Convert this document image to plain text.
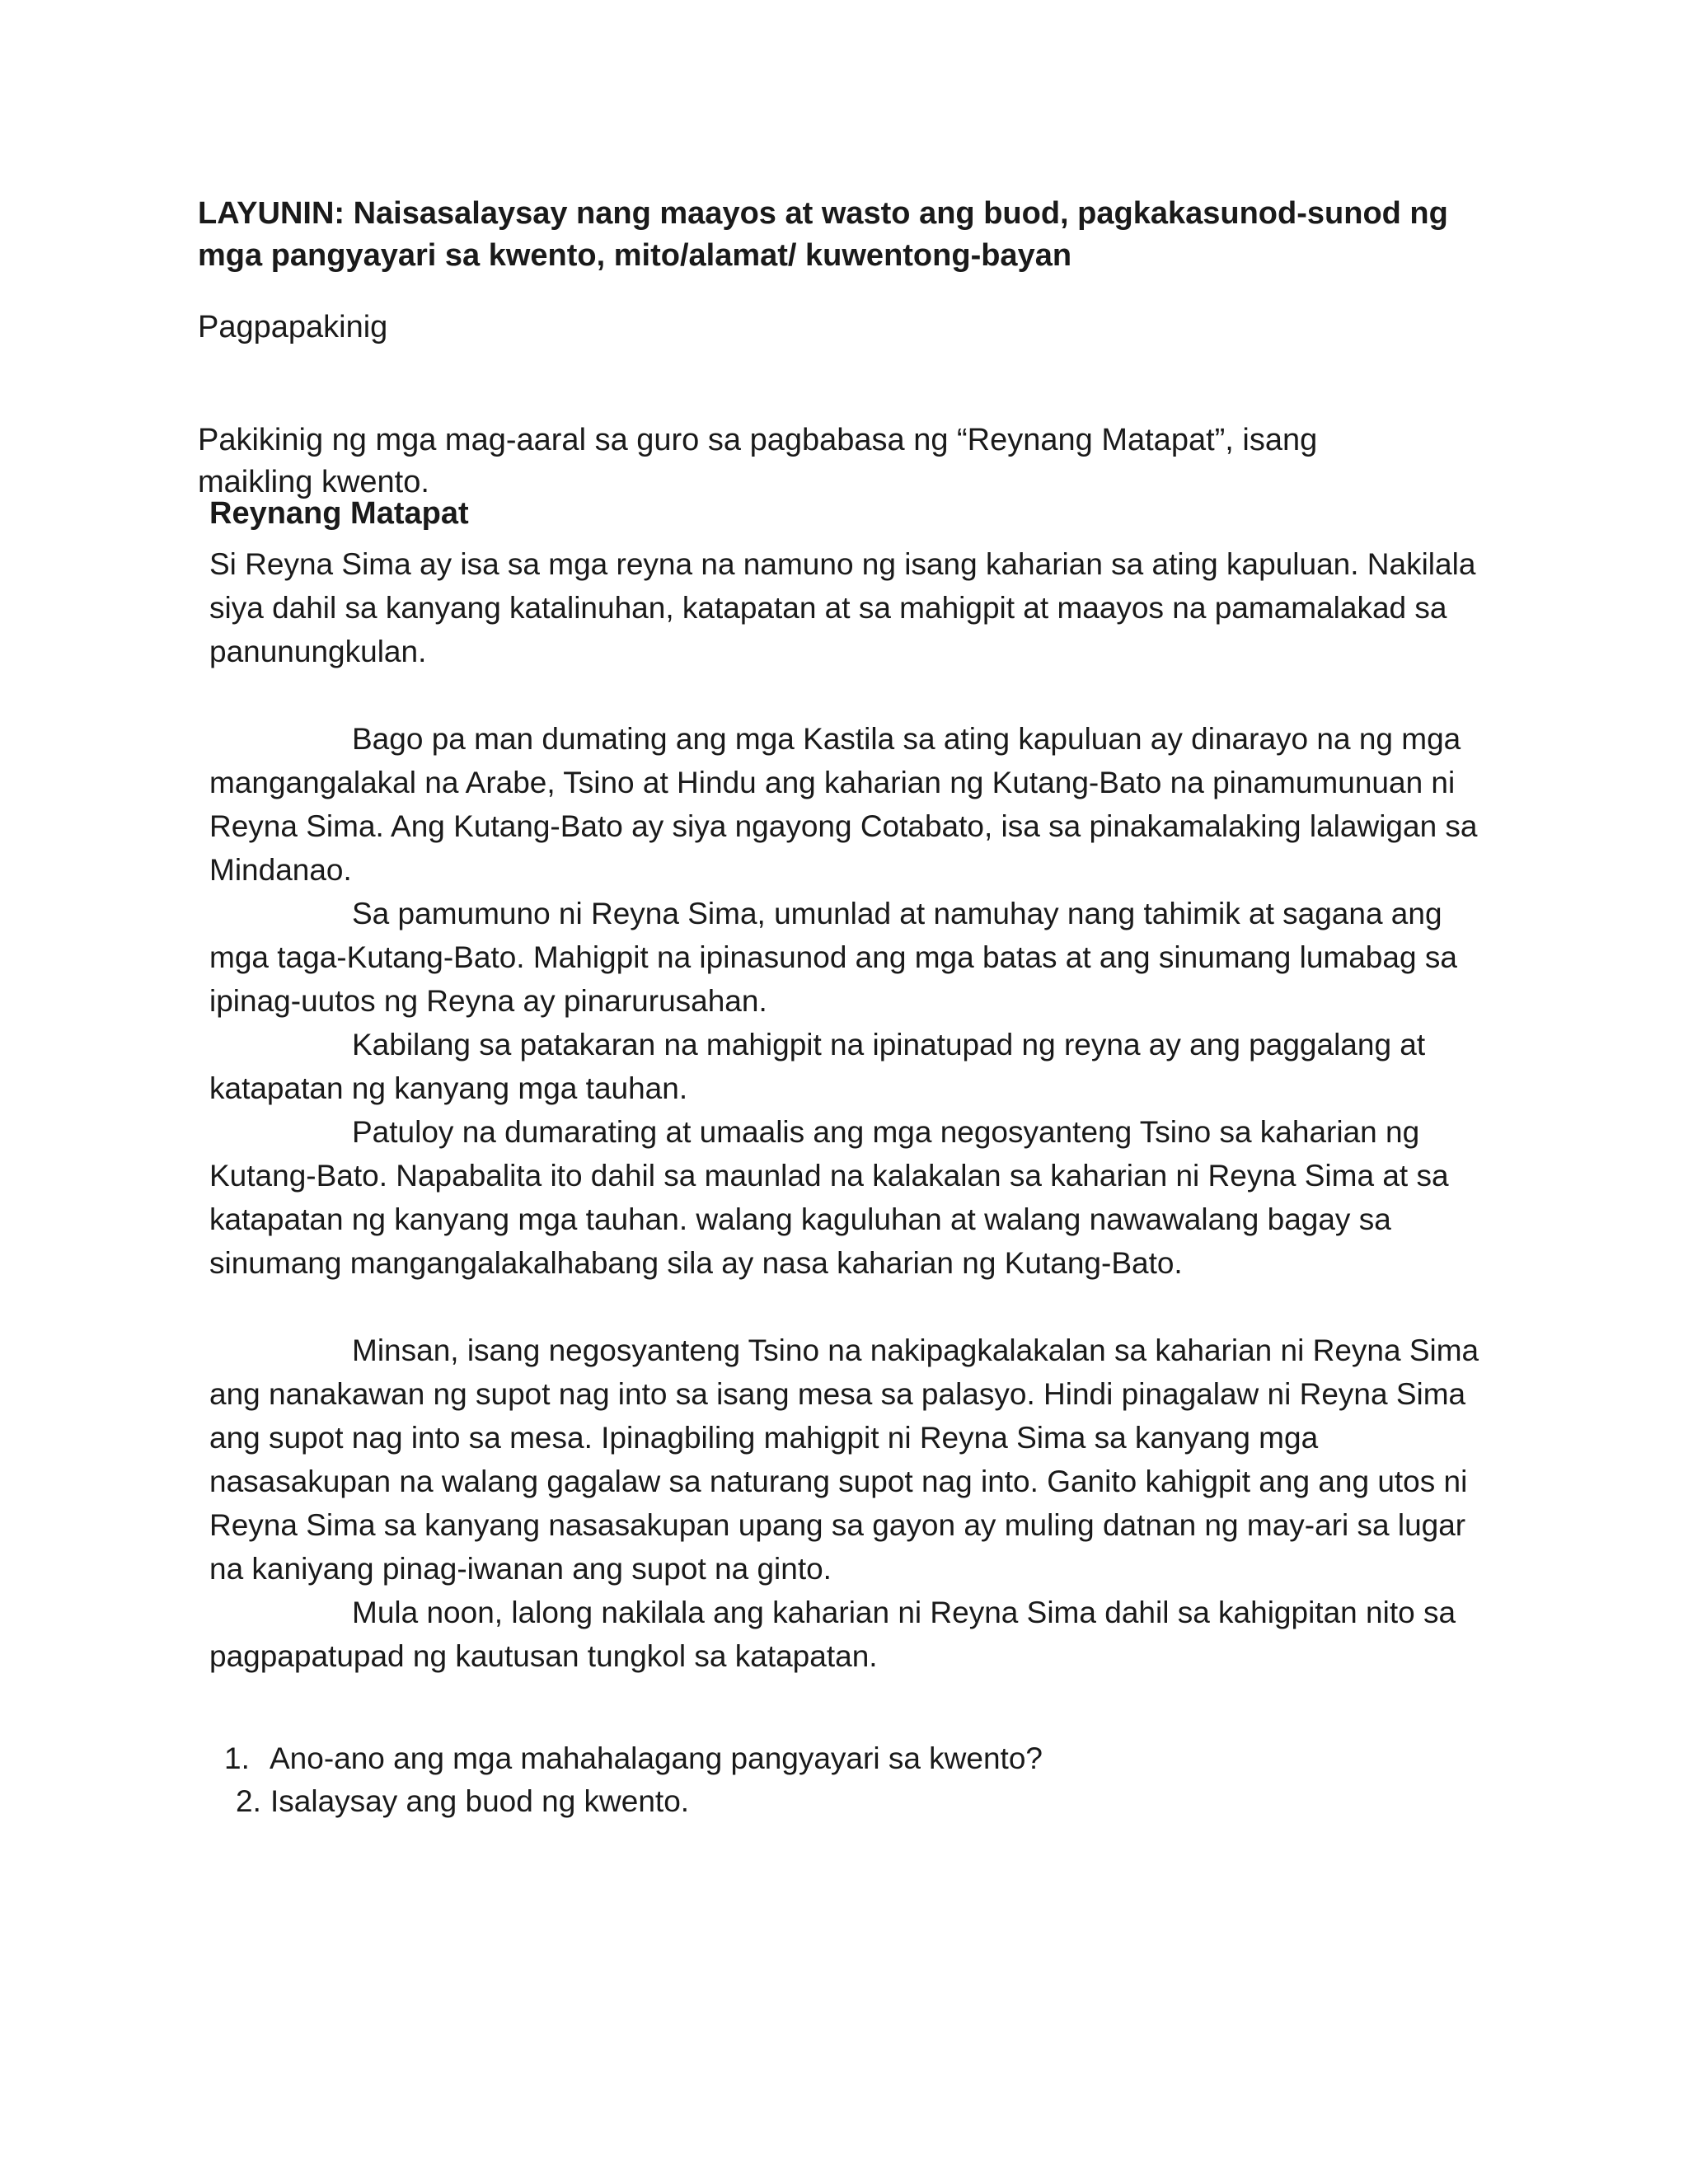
LAYUNIN: Naisasalaysay nang maayos at wasto ang buod, pagkakasunod-sunod ng mga pangyayari sa kwento, mito/alamat/ kuwentong-bayan

Pagpapakinig

Pakikinig ng mga mag-aaral sa guro sa pagbabasa ng “Reynang Matapat”, isang maikling kwento.

Reynang Matapat

Si Reyna Sima ay isa sa mga reyna na namuno ng isang kaharian sa ating kapuluan. Nakilala siya dahil sa kanyang katalinuhan, katapatan at sa mahigpit at maayos na pamamalakad sa panunungkulan.

Bago pa man dumating ang mga Kastila sa ating kapuluan ay dinarayo na ng mga mangangalakal na Arabe, Tsino at Hindu ang kaharian ng Kutang-Bato na pinamumunuan ni Reyna Sima. Ang Kutang-Bato ay siya ngayong Cotabato, isa sa pinakamalaking lalawigan sa Mindanao.

Sa pamumuno ni Reyna Sima, umunlad at namuhay nang tahimik at sagana ang mga taga-Kutang-Bato. Mahigpit na ipinasunod ang mga batas at ang sinumang lumabag sa ipinag-uutos ng Reyna ay pinarurusahan.

Kabilang sa patakaran na mahigpit na ipinatupad ng reyna ay ang paggalang at katapatan ng kanyang mga tauhan.

Patuloy na dumarating at umaalis ang mga negosyanteng Tsino sa kaharian ng Kutang-Bato. Napabalita ito dahil sa maunlad na kalakalan sa kaharian ni Reyna Sima at sa katapatan ng kanyang mga tauhan. walang kaguluhan at walang nawawalang bagay sa sinumang mangangalakalhabang sila ay nasa kaharian ng Kutang-Bato.

Minsan, isang negosyanteng Tsino na nakipagkalakalan sa kaharian ni Reyna Sima ang nanakawan ng supot nag into sa isang mesa sa palasyo. Hindi pinagalaw ni Reyna Sima ang supot nag into sa mesa. Ipinagbiling mahigpit ni Reyna Sima sa kanyang mga nasasakupan na walang gagalaw sa naturang supot nag into. Ganito kahigpit ang ang utos ni Reyna Sima sa kanyang nasasakupan upang sa gayon ay muling datnan ng may-ari sa lugar na kaniyang pinag-iwanan ang supot na ginto.

Mula noon, lalong nakilala ang kaharian ni Reyna Sima dahil sa kahigpitan nito sa pagpapatupad ng kautusan tungkol sa katapatan.

1. Ano-ano ang mga mahahalagang pangyayari sa kwento?
2. Isalaysay ang buod ng kwento.
